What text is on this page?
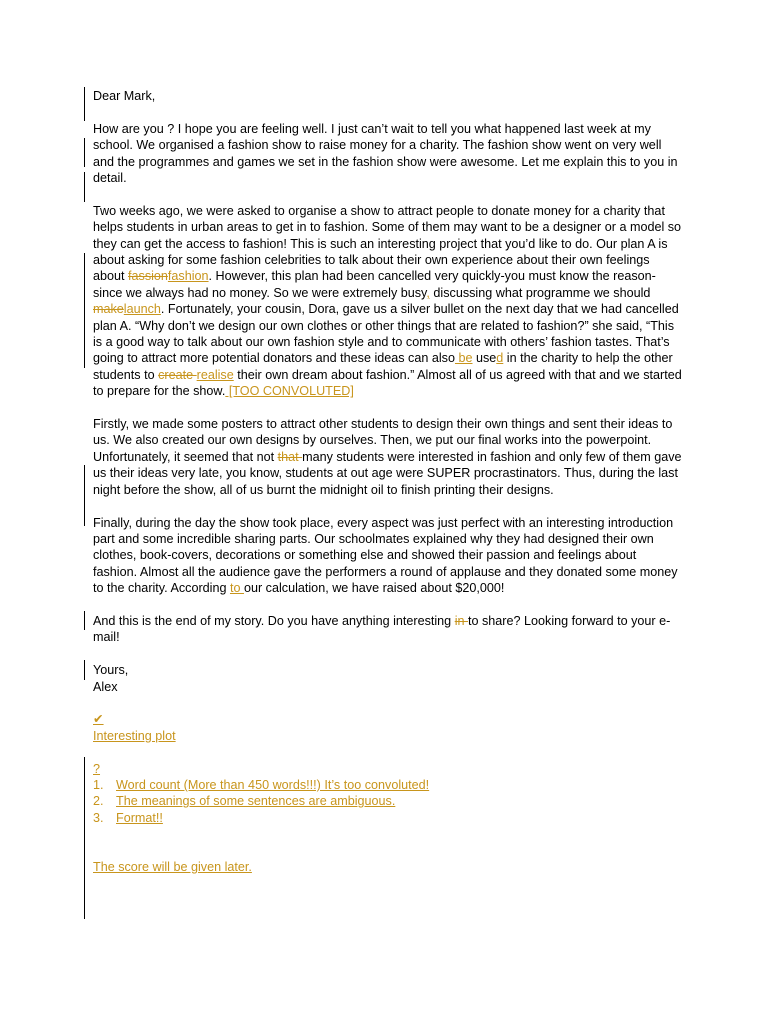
Dear Mark,

How are you ? I hope you are feeling well. I just can’t wait to tell you what happened last week at my school. We organised a fashion show to raise money for a charity. The fashion show went on very well and the programmes and games we set in the fashion show were awesome. Let me explain this to you in detail.

Two weeks ago, we were asked to organise a show to attract people to donate money for a charity that helps students in urban areas to get in to fashion. Some of them may want to be a designer or a model so they can get the access to fashion! This is such an interesting project that you’d like to do. Our plan A is about asking for some fashion celebrities to talk about their own experience about their own feelings about fassionfashion. However, this plan had been cancelled very quickly-you must know the reason-since we always had no money. So we were extremely busy, discussing what programme we should makelaunch. Fortunately, your cousin, Dora, gave us a silver bullet on the next day that we had cancelled plan A. “Why don’t we design our own clothes or other things that are related to fashion?” she said, “This is a good way to talk about our own fashion style and to communicate with others’ fashion tastes. That’s going to attract more potential donators and these ideas can also be used in the charity to help the other students to create realise their own dream about fashion.” Almost all of us agreed with that and we started to prepare for the show. [TOO CONVOLUTED]

Firstly, we made some posters to attract other students to design their own things and sent their ideas to us. We also created our own designs by ourselves. Then, we put our final works into the powerpoint. Unfortunately, it seemed that not that many students were interested in fashion and only few of them gave us their ideas very late, you know, students at out age were SUPER procrastinators. Thus, during the last night before the show, all of us burnt the midnight oil to finish printing their designs.

Finally, during the day the show took place, every aspect was just perfect with an interesting introduction part and some incredible sharing parts. Our schoolmates explained why they had designed their own clothes, book-covers, decorations or something else and showed their passion and feelings about fashion. Almost all the audience gave the performers a round of applause and they donated some money to the charity. According to our calculation, we have raised about $20,000!

And this is the end of my story. Do you have anything interesting in to share? Looking forward to your e-mail!

Yours,
Alex

✔

Interesting plot

?

1. Word count (More than 450 words!!!) It’s too convoluted!

2. The meanings of some sentences are ambiguous.

3. Format!!

The score will be given later.
